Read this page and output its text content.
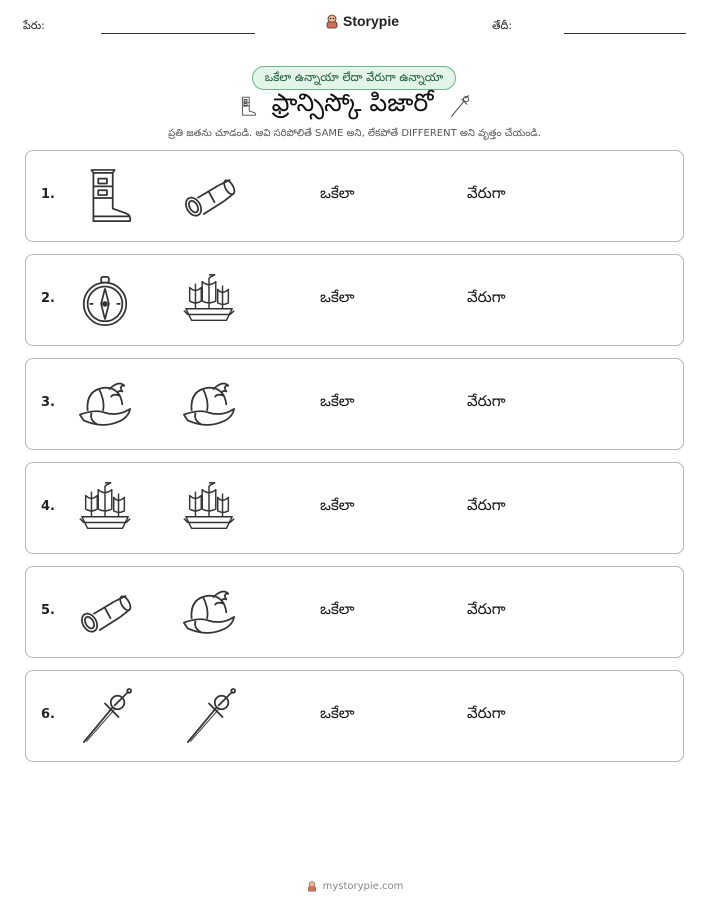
పేరు:	Storypie	తేదీ:
ఒకేలా ఉన్నాయా లేదా వేరుగా ఉన్నాయా
ఫ్రాన్సిస్కో పిజారో
ప్రతి జతను చూడండి. అవి సరిపోలితే SAME అని, లేకపోతే DIFFERENT అని వృత్తం చేయండి.
1.	ఒకేలా	వేరుగా
2.	ఒకేలా	వేరుగా
3.	ఒకేలా	వేరుగా
4.	ఒకేలా	వేరుగా
5.	ఒకేలా	వేరుగా
6.	ఒకేలా	వేరుగా
mystorypie.com
